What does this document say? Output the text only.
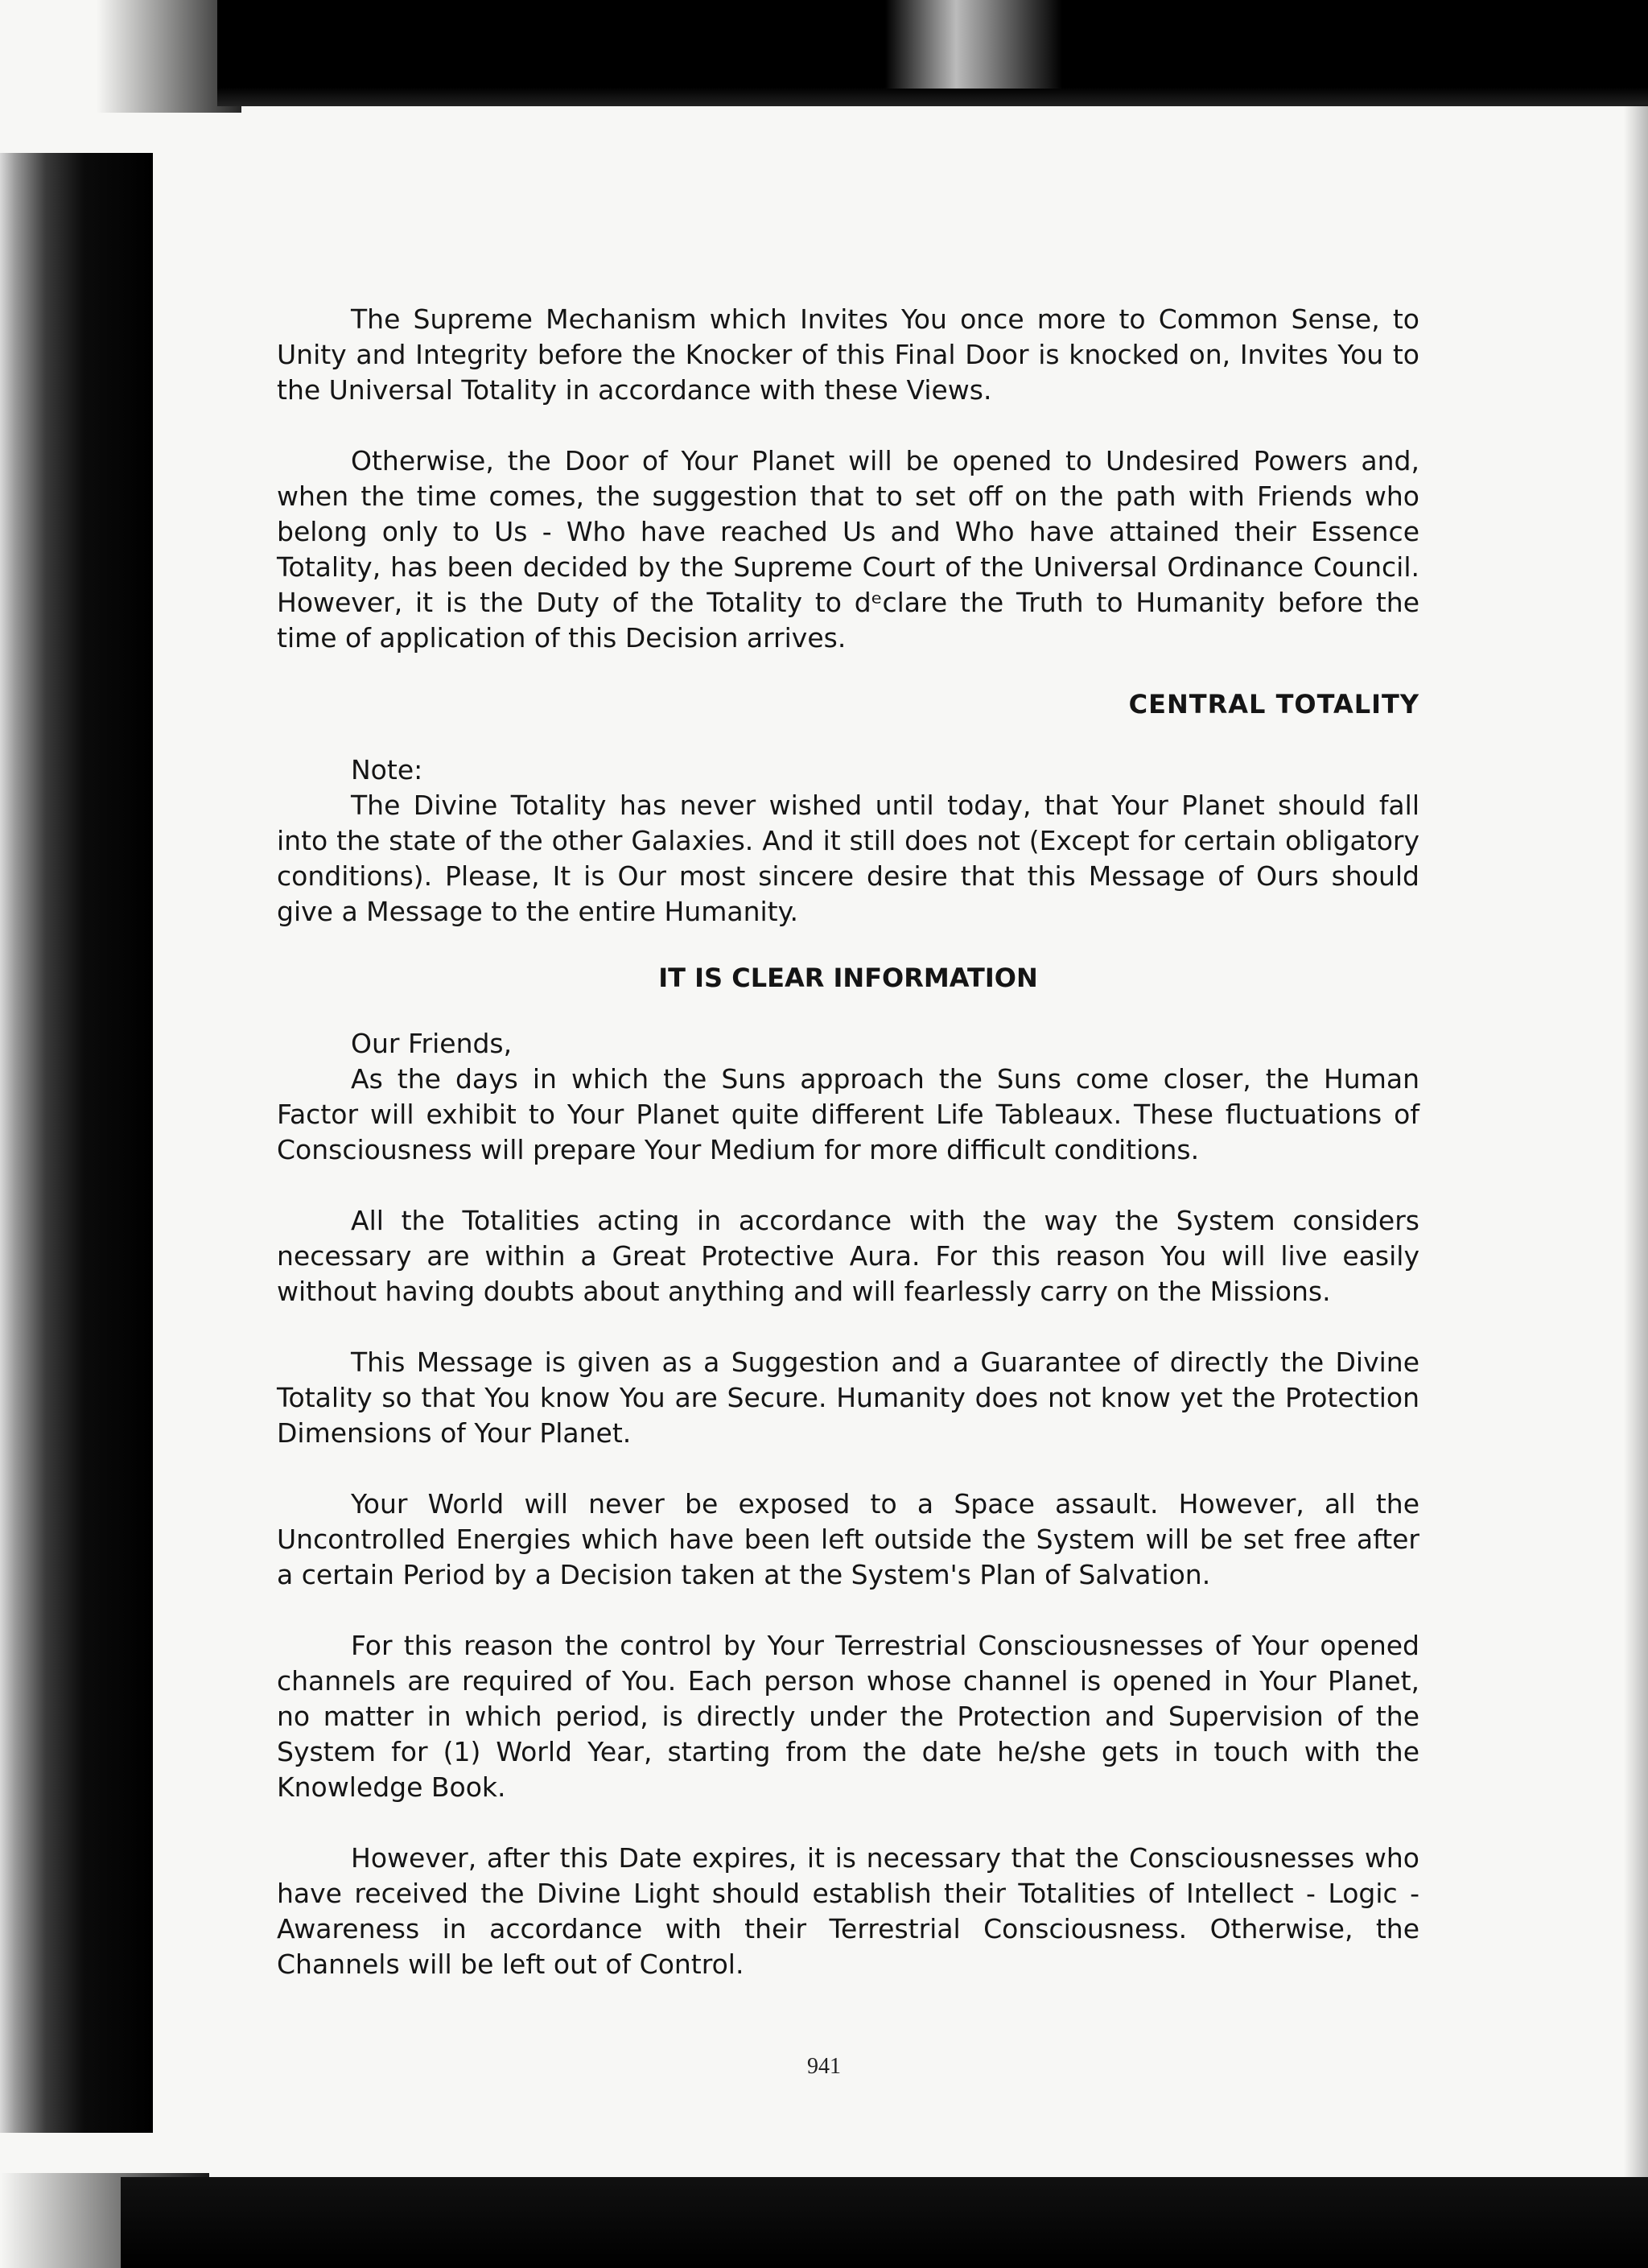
The Supreme Mechanism which Invites You once more to Common Sense, to Unity and Integrity before the Knocker of this Final Door is knocked on, Invites You to the Universal Totality in accordance with these Views.

Otherwise, the Door of Your Planet will be opened to Undesired Powers and, when the time comes, the suggestion that to set off on the path with Friends who belong only to Us - Who have reached Us and Who have attained their Essence Totality, has been decided by the Supreme Court of the Universal Ordinance Council. However, it is the Duty of the Totality to dᵉclare the Truth to Humanity before the time of application of this Decision arrives.

CENTRAL TOTALITY

Note:

The Divine Totality has never wished until today, that Your Planet should fall into the state of the other Galaxies. And it still does not (Except for certain obligatory conditions). Please, It is Our most sincere desire that this Message of Ours should give a Message to the entire Humanity.

IT IS CLEAR INFORMATION

Our Friends,

As the days in which the Suns approach the Suns come closer, the Human Factor will exhibit to Your Planet quite different Life Tableaux. These fluctuations of Consciousness will prepare Your Medium for more difficult conditions.

All the Totalities acting in accordance with the way the System considers necessary are within a Great Protective Aura. For this reason You will live easily without having doubts about anything and will fearlessly carry on the Missions.

This Message is given as a Suggestion and a Guarantee of directly the Divine Totality so that You know You are Secure. Humanity does not know yet the Protection Dimensions of Your Planet.

Your World will never be exposed to a Space assault. However, all the Uncontrolled Energies which have been left outside the System will be set free after a certain Period by a Decision taken at the System's Plan of Salvation.

For this reason the control by Your Terrestrial Consciousnesses of Your opened channels are required of You. Each person whose channel is opened in Your Planet, no matter in which period, is directly under the Protection and Supervision of the System for (1) World Year, starting from the date he/she gets in touch with the Knowledge Book.

However, after this Date expires, it is necessary that the Consciousnesses who have received the Divine Light should establish their Totalities of Intellect - Logic - Awareness in accordance with their Terrestrial Consciousness. Otherwise, the Channels will be left out of Control.

941
